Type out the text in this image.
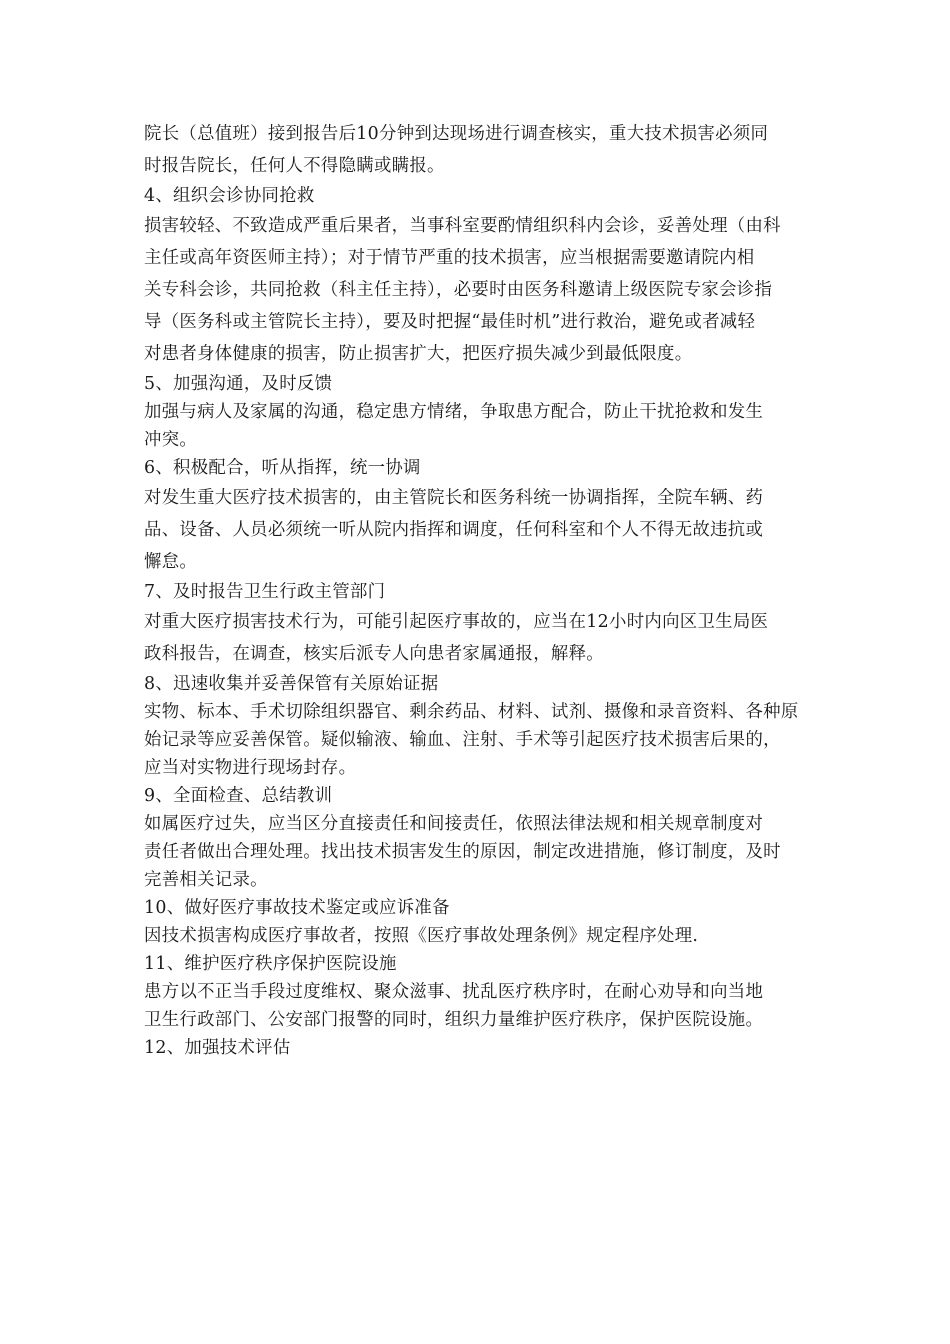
院长（总值班）接到报告后10分钟到达现场进行调查核实，重大技术损害必须同
时报告院长，任何人不得隐瞒或瞒报。
4、组织会诊协同抢救
损害较轻、不致造成严重后果者，当事科室要酌情组织科内会诊，妥善处理（由科
主任或高年资医师主持）；对于情节严重的技术损害，应当根据需要邀请院内相
关专科会诊，共同抢救（科主任主持），必要时由医务科邀请上级医院专家会诊指
导（医务科或主管院长主持），要及时把握“最佳时机”进行救治，避免或者减轻
对患者身体健康的损害，防止损害扩大，把医疗损失减少到最低限度。
5、加强沟通，及时反馈
加强与病人及家属的沟通，稳定患方情绪，争取患方配合，防止干扰抢救和发生
冲突。
6、积极配合，听从指挥，统一协调
对发生重大医疗技术损害的，由主管院长和医务科统一协调指挥，全院车辆、药
品、设备、人员必须统一听从院内指挥和调度，任何科室和个人不得无故违抗或
懈怠。
7、及时报告卫生行政主管部门
对重大医疗损害技术行为，可能引起医疗事故的，应当在12小时内向区卫生局医
政科报告，在调查，核实后派专人向患者家属通报，解释。
8、迅速收集并妥善保管有关原始证据
实物、标本、手术切除组织器官、剩余药品、材料、试剂、摄像和录音资料、各种原
始记录等应妥善保管。疑似输液、输血、注射、手术等引起医疗技术损害后果的，
应当对实物进行现场封存。
9、全面检查、总结教训
如属医疗过失，应当区分直接责任和间接责任，依照法律法规和相关规章制度对
责任者做出合理处理。找出技术损害发生的原因，制定改进措施，修订制度，及时
完善相关记录。
10、做好医疗事故技术鉴定或应诉准备
因技术损害构成医疗事故者，按照《医疗事故处理条例》规定程序处理.
11、维护医疗秩序保护医院设施
患方以不正当手段过度维权、聚众滋事、扰乱医疗秩序时，在耐心劝导和向当地
卫生行政部门、公安部门报警的同时，组织力量维护医疗秩序，保护医院设施。
12、加强技术评估
